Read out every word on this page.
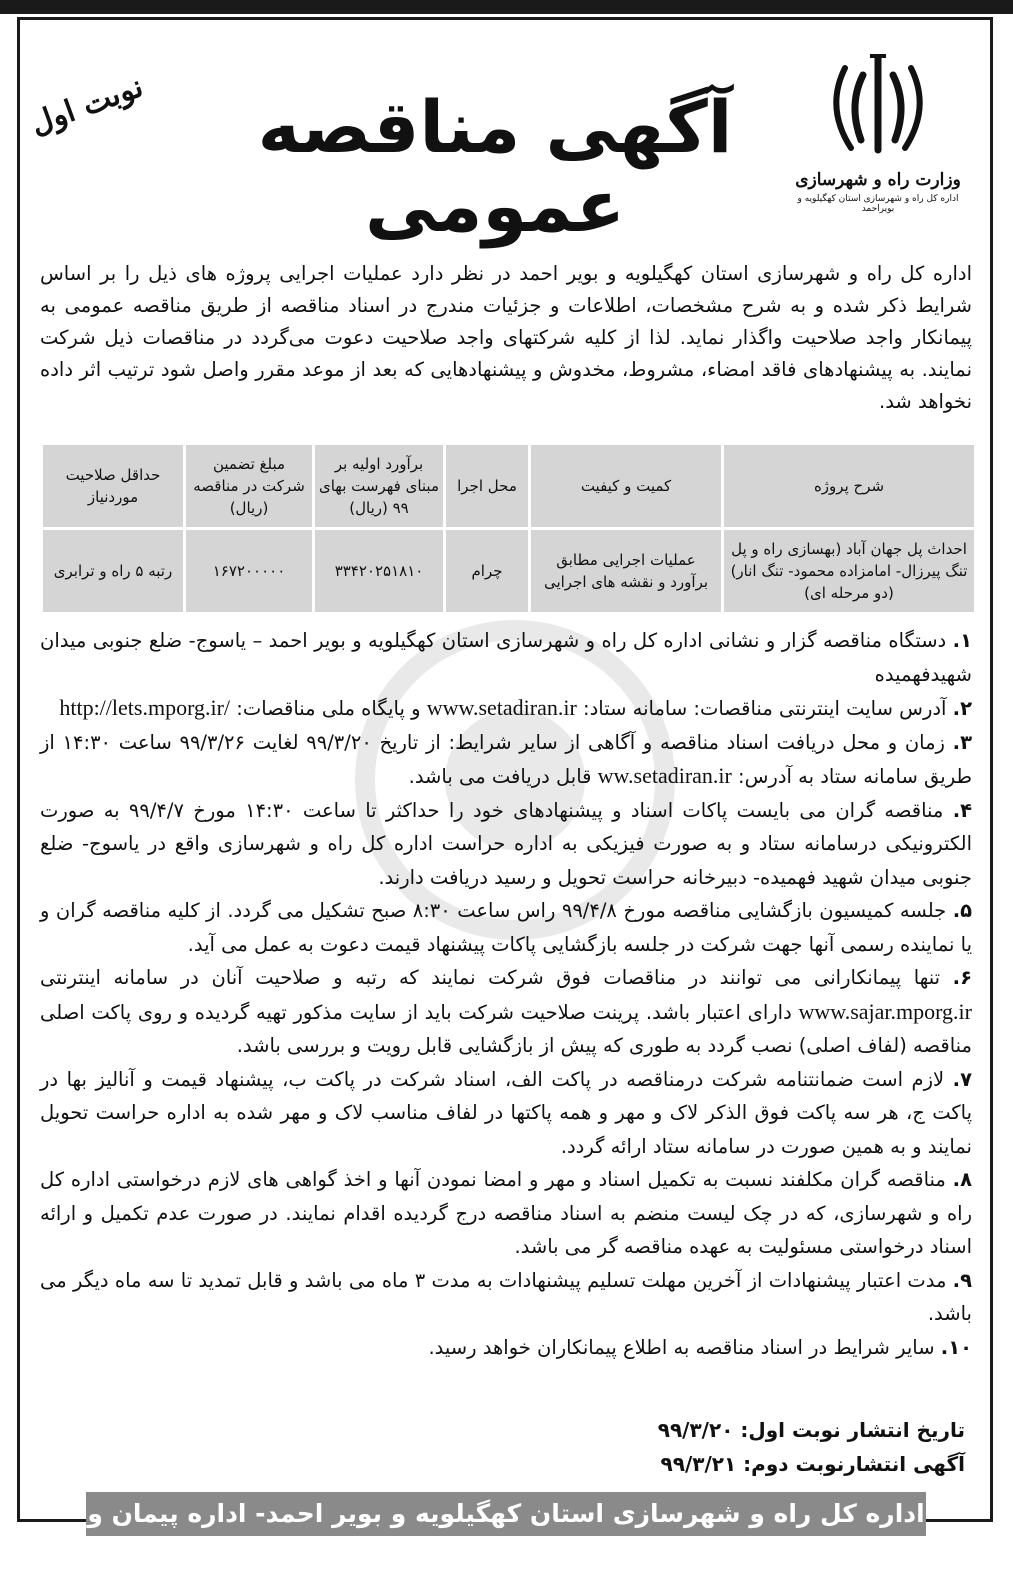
وزارت راه و شهرسازی
اداره کل راه و شهرسازی استان کهگیلویه و بویراحمد
آگهی مناقصه عمومی
نوبت اول
اداره کل راه و شهرسازی استان کهگیلویه و بویر احمد در نظر دارد عملیات اجرایی پروژه های ذیل را بر اساس شرایط ذکر شده و به شرح مشخصات، اطلاعات و جزئیات مندرج در اسناد مناقصه از طریق مناقصه عمومی به پیمانکار واجد صلاحیت واگذار نماید. لذا از کلیه شرکتهای واجد صلاحیت دعوت می‌گردد در مناقصات ذیل شرکت نمایند. به پیشنهادهای فاقد امضاء، مشروط، مخدوش و پیشنهادهایی که بعد از موعد مقرر واصل شود ترتیب اثر داده نخواهد شد.
شرح پروژه	کمیت و کیفیت	محل اجرا	برآورد اولیه بر مبنای فهرست بهای ۹۹ (ریال)	مبلغ تضمین شرکت در مناقصه (ریال)	حداقل صلاحیت موردنیاز
احداث پل جهان آباد (بهسازی راه و پل تنگ پیرزال- امامزاده محمود- تنگ انار) (دو مرحله ای)	عملیات اجرایی مطابق برآورد و نقشه های اجرایی	چرام	۳۳۴۲۰۲۵۱۸۱۰	۱۶۷۲۰۰۰۰۰	رتبه ۵ راه و ترابری

۱. دستگاه مناقصه گزار و نشانی اداره کل راه و شهرسازی استان کهگیلویه و بویر احمد – یاسوج- ضلع جنوبی میدان شهیدفهمیده

۲. آدرس سایت اینترنتی مناقصات: سامانه ستاد: www.setadiran.ir و پایگاه ملی مناقصات: http://lets.mporg.ir/

۳. زمان و محل دریافت اسناد مناقصه و آگاهی از سایر شرایط: از تاریخ ۹۹/۳/۲۰ لغایت ۹۹/۳/۲۶ ساعت ۱۴:۳۰ از طریق سامانه ستاد به آدرس: ww.setadiran.ir قابل دریافت می باشد.

۴. مناقصه گران می بایست پاکات اسناد و پیشنهادهای خود را حداکثر تا ساعت ۱۴:۳۰ مورخ ۹۹/۴/۷ به صورت الکترونیکی درسامانه ستاد و به صورت فیزیکی به اداره حراست اداره کل راه و شهرسازی واقع در یاسوج- ضلع جنوبی میدان شهید فهمیده- دبیرخانه حراست تحویل و رسید دریافت دارند.

۵. جلسه کمیسیون بازگشایی مناقصه مورخ ۹۹/۴/۸ راس ساعت ۸:۳۰ صبح تشکیل می گردد. از کلیه مناقصه گران و یا نماینده رسمی آنها جهت شرکت در جلسه بازگشایی پاکات پیشنهاد قیمت دعوت به عمل می آید.

۶. تنها پیمانکارانی می توانند در مناقصات فوق شرکت نمایند که رتبه و صلاحیت آنان در سامانه اینترنتی www.sajar.mporg.ir دارای اعتبار باشد. پرینت صلاحیت شرکت باید از سایت مذکور تهیه گردیده و روی پاکت اصلی مناقصه (لفاف اصلی) نصب گردد به طوری که پیش از بازگشایی قابل رویت و بررسی باشد.

۷. لازم است ضمانتنامه شرکت درمناقصه در پاکت الف، اسناد شرکت در پاکت ب، پیشنهاد قیمت و آنالیز بها در پاکت ج، هر سه پاکت فوق الذکر لاک و مهر و همه پاکتها در لفاف مناسب لاک و مهر شده به اداره حراست تحویل نمایند و به همین صورت در سامانه ستاد ارائه گردد.

۸. مناقصه گران مکلفند نسبت به تکمیل اسناد و مهر و امضا نمودن آنها و اخذ گواهی های لازم درخواستی اداره کل راه و شهرسازی، که در چک لیست منضم به اسناد مناقصه درج گردیده اقدام نمایند. در صورت عدم تکمیل و ارائه اسناد درخواستی مسئولیت به عهده مناقصه گر می باشد.

۹. مدت اعتبار پیشنهادات از آخرین مهلت تسلیم پیشنهادات به مدت ۳ ماه می باشد و قابل تمدید تا سه ماه دیگر می باشد.

۱۰. سایر شرایط در اسناد مناقصه به اطلاع پیمانکاران خواهد رسید.

تاریخ انتشار نوبت اول: ۹۹/۳/۲۰
آگهی انتشارنوبت دوم: ۹۹/۳/۲۱
اداره کل راه و شهرسازی استان کهگیلویه و بویر احمد- اداره پیمان و رسیدگی
